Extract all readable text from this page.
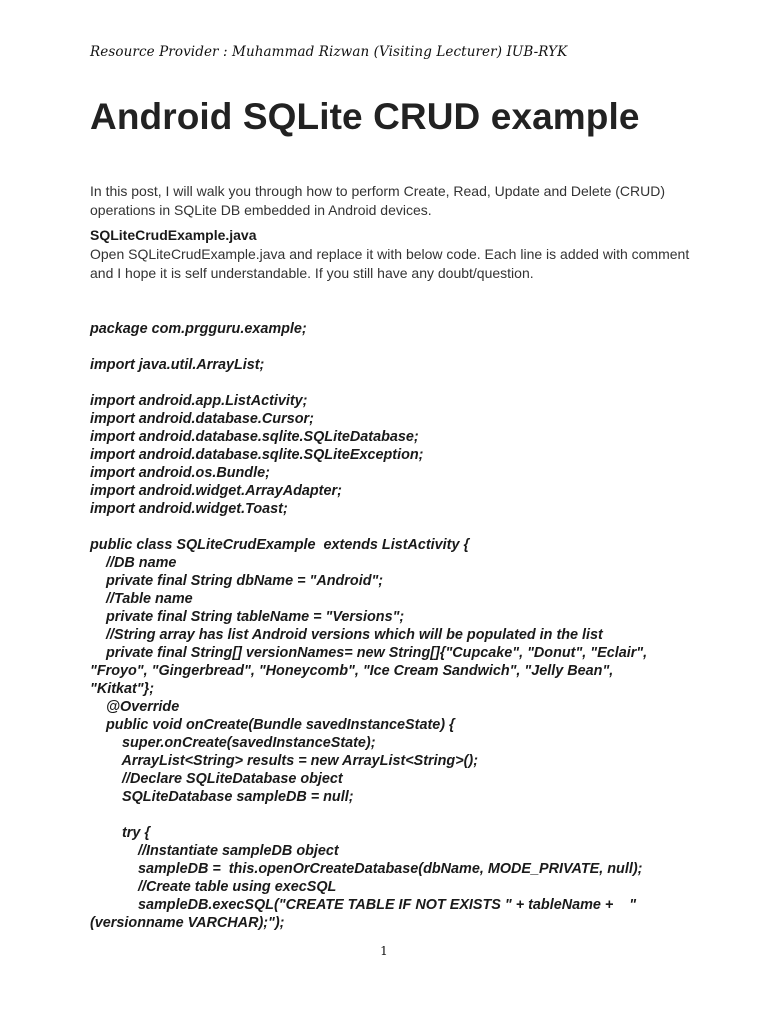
Resource Provider : Muhammad Rizwan (Visiting Lecturer) IUB-RYK
Android SQLite CRUD example

In this post, I will walk you through how to perform Create, Read, Update and Delete (CRUD) operations in SQLite DB embedded in Android devices.

SQLiteCrudExample.java

Open SQLiteCrudExample.java and replace it with below code. Each line is added with comment and I hope it is self understandable. If you still have any doubt/question.

package com.prgguru.example;
import java.util.ArrayList;
import android.app.ListActivity;
import android.database.Cursor;
import android.database.sqlite.SQLiteDatabase;
import android.database.sqlite.SQLiteException;
import android.os.Bundle;
import android.widget.ArrayAdapter;
import android.widget.Toast;
public class SQLiteCrudExample  extends ListActivity {
//DB name
private final String dbName = "Android";
//Table name
private final String tableName = "Versions";
//String array has list Android versions which will be populated in the list
private final String[] versionNames= new String[]{"Cupcake", "Donut", "Eclair",
"Froyo", "Gingerbread", "Honeycomb", "Ice Cream Sandwich", "Jelly Bean",
"Kitkat"};
@Override
public void onCreate(Bundle savedInstanceState) {
super.onCreate(savedInstanceState);
ArrayList<String> results = new ArrayList<String>();
//Declare SQLiteDatabase object
SQLiteDatabase sampleDB = null;
try {
//Instantiate sampleDB object
sampleDB =  this.openOrCreateDatabase(dbName, MODE_PRIVATE, null);
//Create table using execSQL
sampleDB.execSQL("CREATE TABLE IF NOT EXISTS " + tableName +    "
(versionname VARCHAR);");
1
